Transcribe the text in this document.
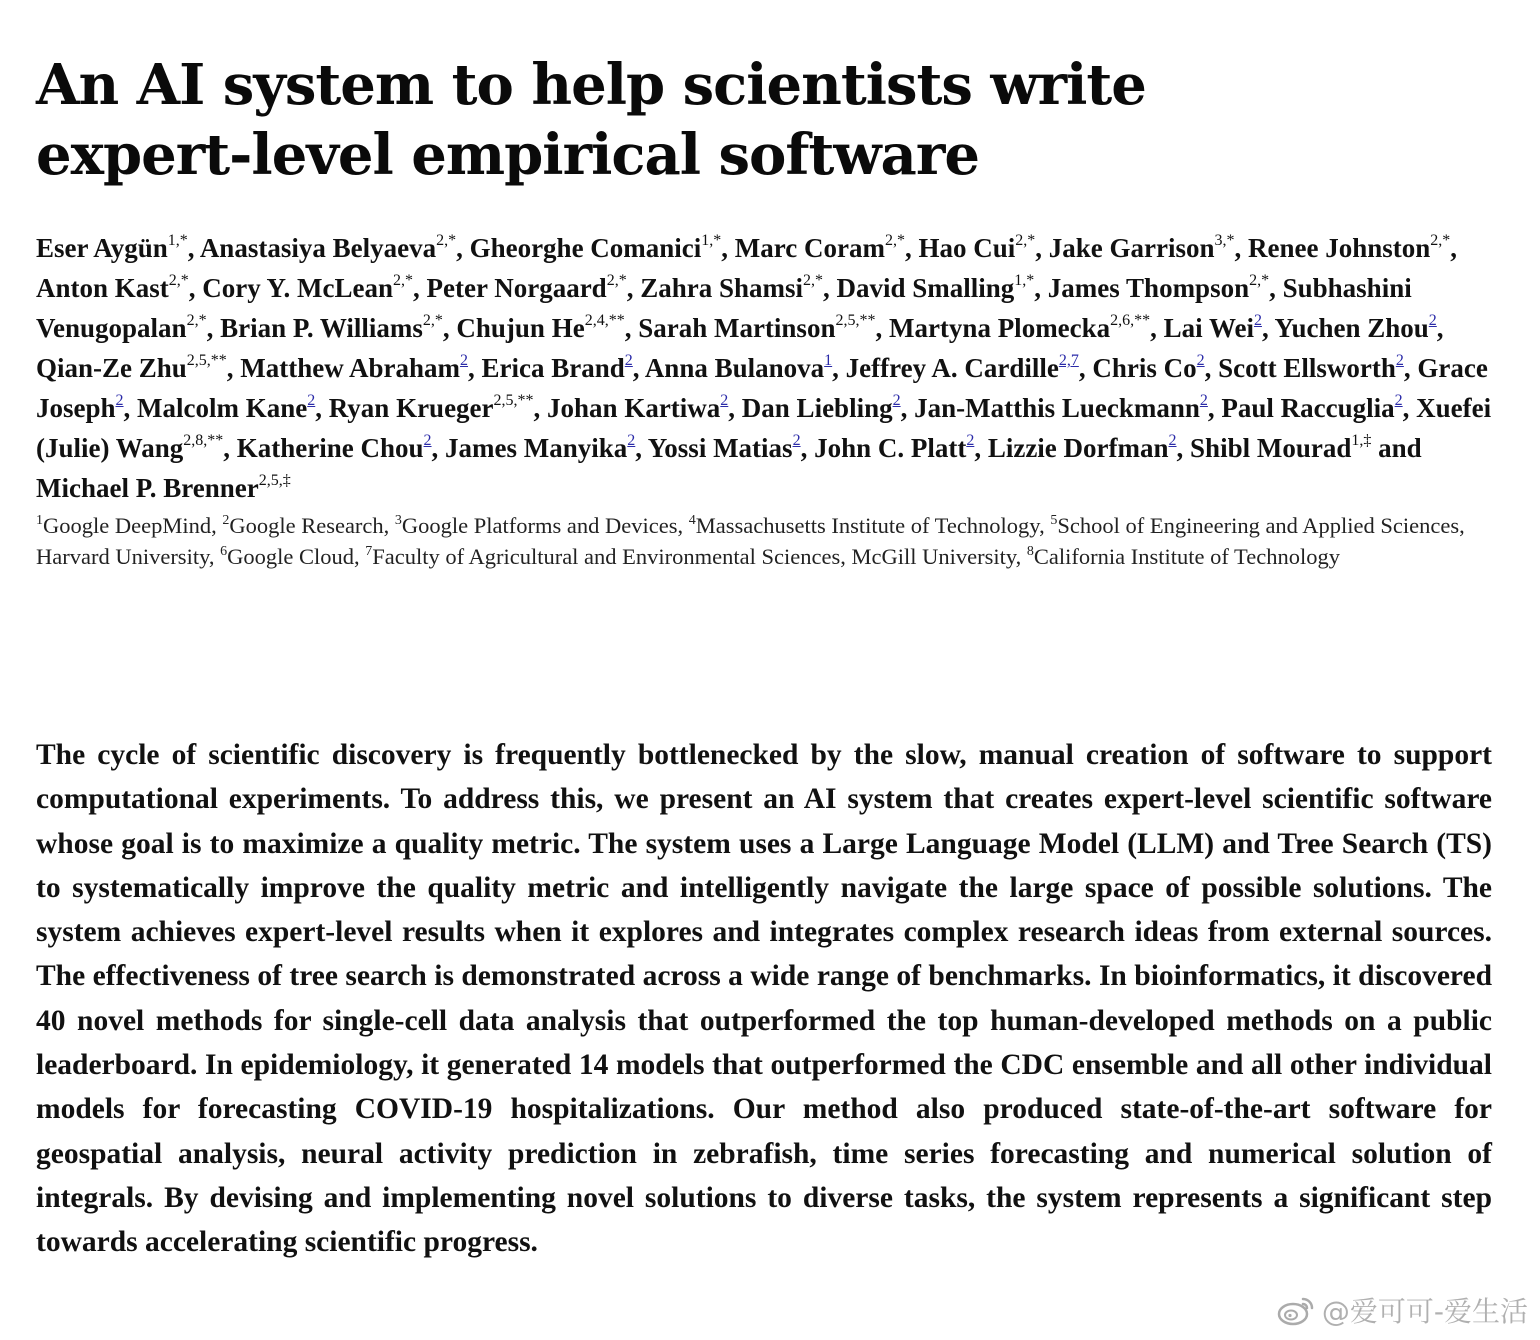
An AI system to help scientists write
expert-level empirical software

Eser Aygün$^{1,*}$, Anastasiya Belyaeva$^{2,*}$, Gheorghe Comanici$^{1,*}$, Marc Coram$^{2,*}$, Hao Cui$^{2,*}$, Jake Garrison$^{3,*}$, Renee Johnston$^{2,*}$, Anton Kast$^{2,*}$, Cory Y. McLean$^{2,*}$, Peter Norgaard$^{2,*}$, Zahra Shamsi$^{2,*}$, David Smalling$^{1,*}$, James Thompson$^{2,*}$, Subhashini Venugopalan$^{2,*}$, Brian P. Williams$^{2,*}$, Chujun $He^{2,4,**}$, Sarah Martinson$^{2,5,**}$, Martyna Plomecka$^{2,6,**}$, Lai Wei$^2$, Yuchen Zhou$^2$, Qian-Ze Zhu$^{2,5,**}$, Matthew Abraham$^2$, Erica Brand$^2$, Anna Bulanova$^1$, Jeffrey A. Cardille$^{2,7}$, Chris Co$^2$, Scott Ellsworth$^2$, Grace Joseph$^2$, Malcolm Kane$^2$, Ryan Krueger$^{2,5,**}$, Johan Kartiwa$^2$, Dan Liebling$^2$, Jan-Matthis Lueckmann$^2$, Paul Raccuglia$^2$, Xuefei (Julie) Wang$^{2,8,**}$, Katherine Chou$^2$, James Manyika$^2$, Yossi Matias$^2$, John C. Platt$^2$, Lizzie Dorfman$^2$, Shibl Mourad$^{1,\ddagger}$ and Michael P. Brenner$^{2,5,\ddagger}$

$^1$Google DeepMind, $^2$Google Research, $^3$Google Platforms and Devices, $^4$Massachusetts Institute of Technology, $^5$School of Engineering and Applied Sciences, Harvard University, $^6$Google Cloud, $^7$Faculty of Agricultural and Environmental Sciences, McGill University, $^8$California Institute of Technology

The cycle of scientific discovery is frequently bottlenecked by the slow, manual creation of software to support computational experiments. To address this, we present an AI system that creates expert-level scientific software whose goal is to maximize a quality metric. The system uses a Large Language Model (LLM) and Tree Search (TS) to systematically improve the quality metric and intelligently navigate the large space of possible solutions. The system achieves expert-level results when it explores and integrates complex research ideas from external sources. The effectiveness of tree search is demonstrated across a wide range of benchmarks. In bioinformatics, it discovered 40 novel methods for single-cell data analysis that outperformed the top human-developed methods on a public leaderboard. In epidemiology, it generated 14 models that outperformed the CDC ensemble and all other individual models for forecasting COVID-19 hospitalizations. Our method also produced state-of-the-art software for geospatial analysis, neural activity prediction in zebrafish, time series forecasting and numerical solution of integrals. By devising and implementing novel solutions to diverse tasks, the system represents a significant step towards accelerating scientific progress.

@爱可可-爱生活
